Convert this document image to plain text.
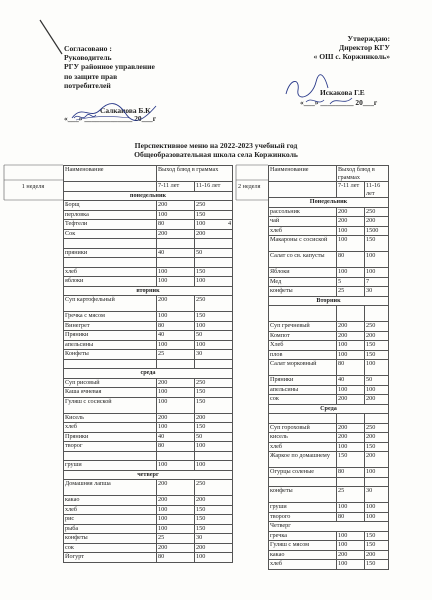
Согласовано :
Руководитель
РГУ районное управление
по защите прав
потребителей
Салканова Б.К
«___» _____________ 20___г
Утверждаю:
Директор КГУ
« ОШ с. Коржинколь»
Искакова Г.Е
«___» _________ 20___г
Перспективное меню на 2022-2023 учебный год
Общеобразовательная школа села Коржинколь
Наименование	Выход блюд в граммах	
	7-11 лет	11-16 лет
понедельник		
Борщ	200	250
перловка	100	150
Тефтели	80	100
Сок	200	200

пряники	40	50

хлеб	100	150
яблоки	100	100
вторник		
Суп картофельный	200	250
Гречка с мясом	100	150
Винегрет	80	100
Пряники	40	50
апельсины	100	100
Конфеты	25	30

среда		
Суп рисовый	200	250
Каша ячневая	100	150
Гуляш с сосиской	100	150
Кисель	200	200
хлеб	100	150
Пряники	40	50
творог	80	100

груши	100	100
четверг		
Домашняя лапша	200	250
какао	200	200
хлеб	100	150
рис	100	150
рыба	100	150
конфеты	25	30
сок	200	200
Йогурт	80	100
Наименование	Выход блюд в граммах	
	7-11 лет	11-16 лет
Понедельник		
рассольник	200	250
чай	200	200
хлеб	100	1500
Макароны с сосиской	100	150
Салат со св. капусты	80	100
Яблоки	100	100
Мед	5	7
конфеты	25	30
Вторник		

Суп гречневый	200	250
Компот	200	200
Хлеб	100	150
плов	100	150
Салат морковный	80	100
Пряники	40	50
апельсины	100	100
сок	200	200
Среда		

Суп гороховый	200	250
кисель	200	200
хлеб	100	150
Жаркое по домашнему	150	200
Огурцы соленые	80	100

конфеты	25	30
груши	100	100
творого	80	100
Четверг		
гречка	100	150
Гуляш с мясом	100	150
какао	200	200
хлеб	100	150
4
1 неделя	2 неделя
